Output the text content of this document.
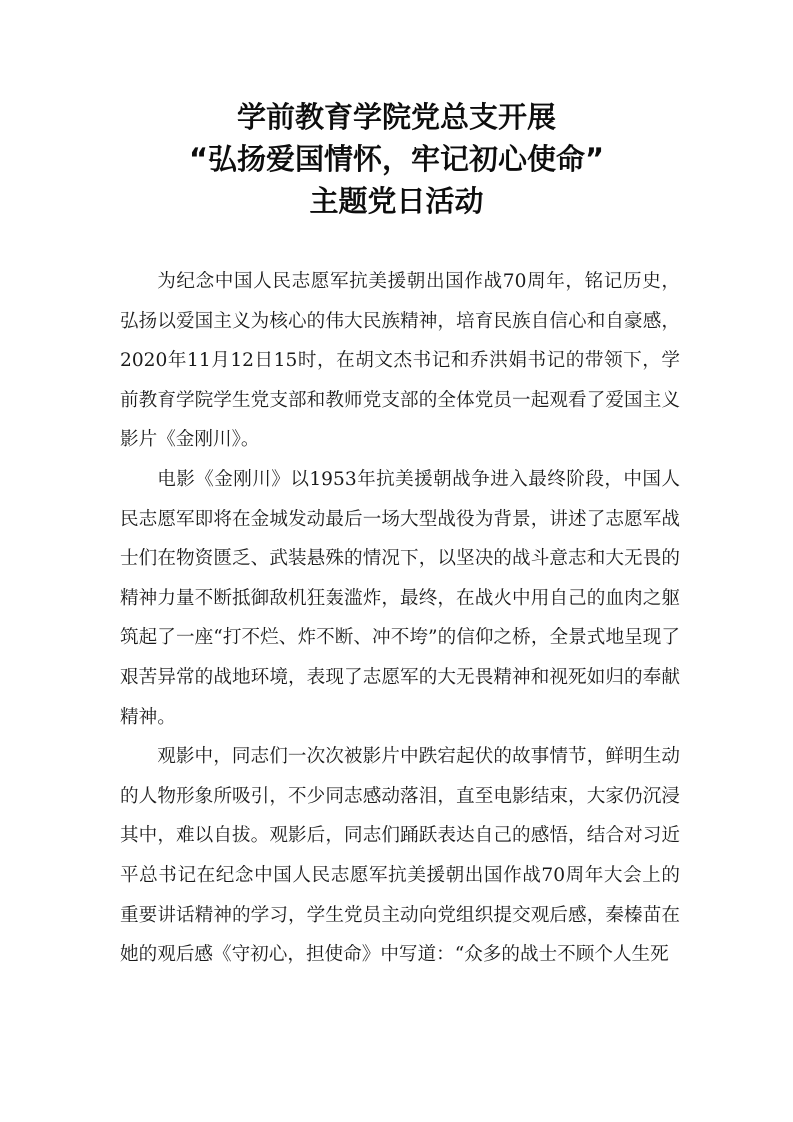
学前教育学院党总支开展
“弘扬爱国情怀，牢记初心使命”
主题党日活动

为纪念中国人民志愿军抗美援朝出国作战70周年，铭记历史，弘扬以爱国主义为核心的伟大民族精神，培育民族自信心和自豪感，2020年11月12日15时，在胡文杰书记和乔洪娟书记的带领下，学前教育学院学生党支部和教师党支部的全体党员一起观看了爱国主义影片《金刚川》。

电影《金刚川》以1953年抗美援朝战争进入最终阶段，中国人民志愿军即将在金城发动最后一场大型战役为背景，讲述了志愿军战士们在物资匮乏、武装悬殊的情况下，以坚决的战斗意志和大无畏的精神力量不断抵御敌机狂轰滥炸，最终，在战火中用自己的血肉之躯筑起了一座“打不烂、炸不断、冲不垮”的信仰之桥，全景式地呈现了艰苦异常的战地环境，表现了志愿军的大无畏精神和视死如归的奉献精神。

观影中，同志们一次次被影片中跌宕起伏的故事情节，鲜明生动的人物形象所吸引，不少同志感动落泪，直至电影结束，大家仍沉浸其中，难以自拔。观影后，同志们踊跃表达自己的感悟，结合对习近平总书记在纪念中国人民志愿军抗美援朝出国作战70周年大会上的重要讲话精神的学习，学生党员主动向党组织提交观后感，秦榛苗在她的观后感《守初心，担使命》中写道：“众多的战士不顾个人生死
